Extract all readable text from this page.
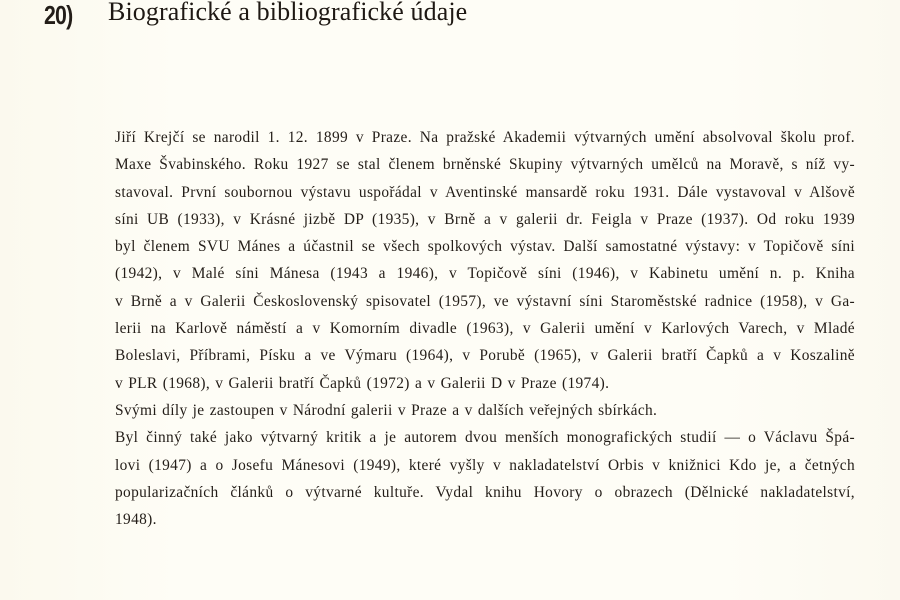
20)	Biografické a bibliografické údaje
Jiří Krejčí se narodil 1. 12. 1899 v Praze. Na pražské Akademii výtvarných umění absolvoval školu prof.
Maxe Švabinského. Roku 1927 se stal členem brněnské Skupiny výtvarných umělců na Moravě, s níž vy-
stavoval. První soubornou výstavu uspořádal v Aventinské mansardě roku 1931. Dále vystavoval v Alšově
síni UB (1933), v Krásné jizbě DP (1935), v Brně a v galerii dr. Feigla v Praze (1937). Od roku 1939
byl členem SVU Mánes a účastnil se všech spolkových výstav. Další samostatné výstavy: v Topičově síni
(1942), v Malé síni Mánesa (1943 a 1946), v Topičově síni (1946), v Kabinetu umění n. p. Kniha
v Brně a v Galerii Československý spisovatel (1957), ve výstavní síni Staroměstské radnice (1958), v Ga-
lerii na Karlově náměstí a v Komorním divadle (1963), v Galerii umění v Karlových Varech, v Mladé
Boleslavi, Příbrami, Písku a ve Výmaru (1964), v Porubě (1965), v Galerii bratří Čapků a v Koszalině
v PLR (1968), v Galerii bratří Čapků (1972) a v Galerii D v Praze (1974).
Svými díly je zastoupen v Národní galerii v Praze a v dalších veřejných sbírkách.
Byl činný také jako výtvarný kritik a je autorem dvou menších monografických studií — o Václavu Špá-
lovi (1947) a o Josefu Mánesovi (1949), které vyšly v nakladatelství Orbis v knižnici Kdo je, a četných
popularizačních článků o výtvarné kultuře. Vydal knihu Hovory o obrazech (Dělnické nakladatelství,
1948).
